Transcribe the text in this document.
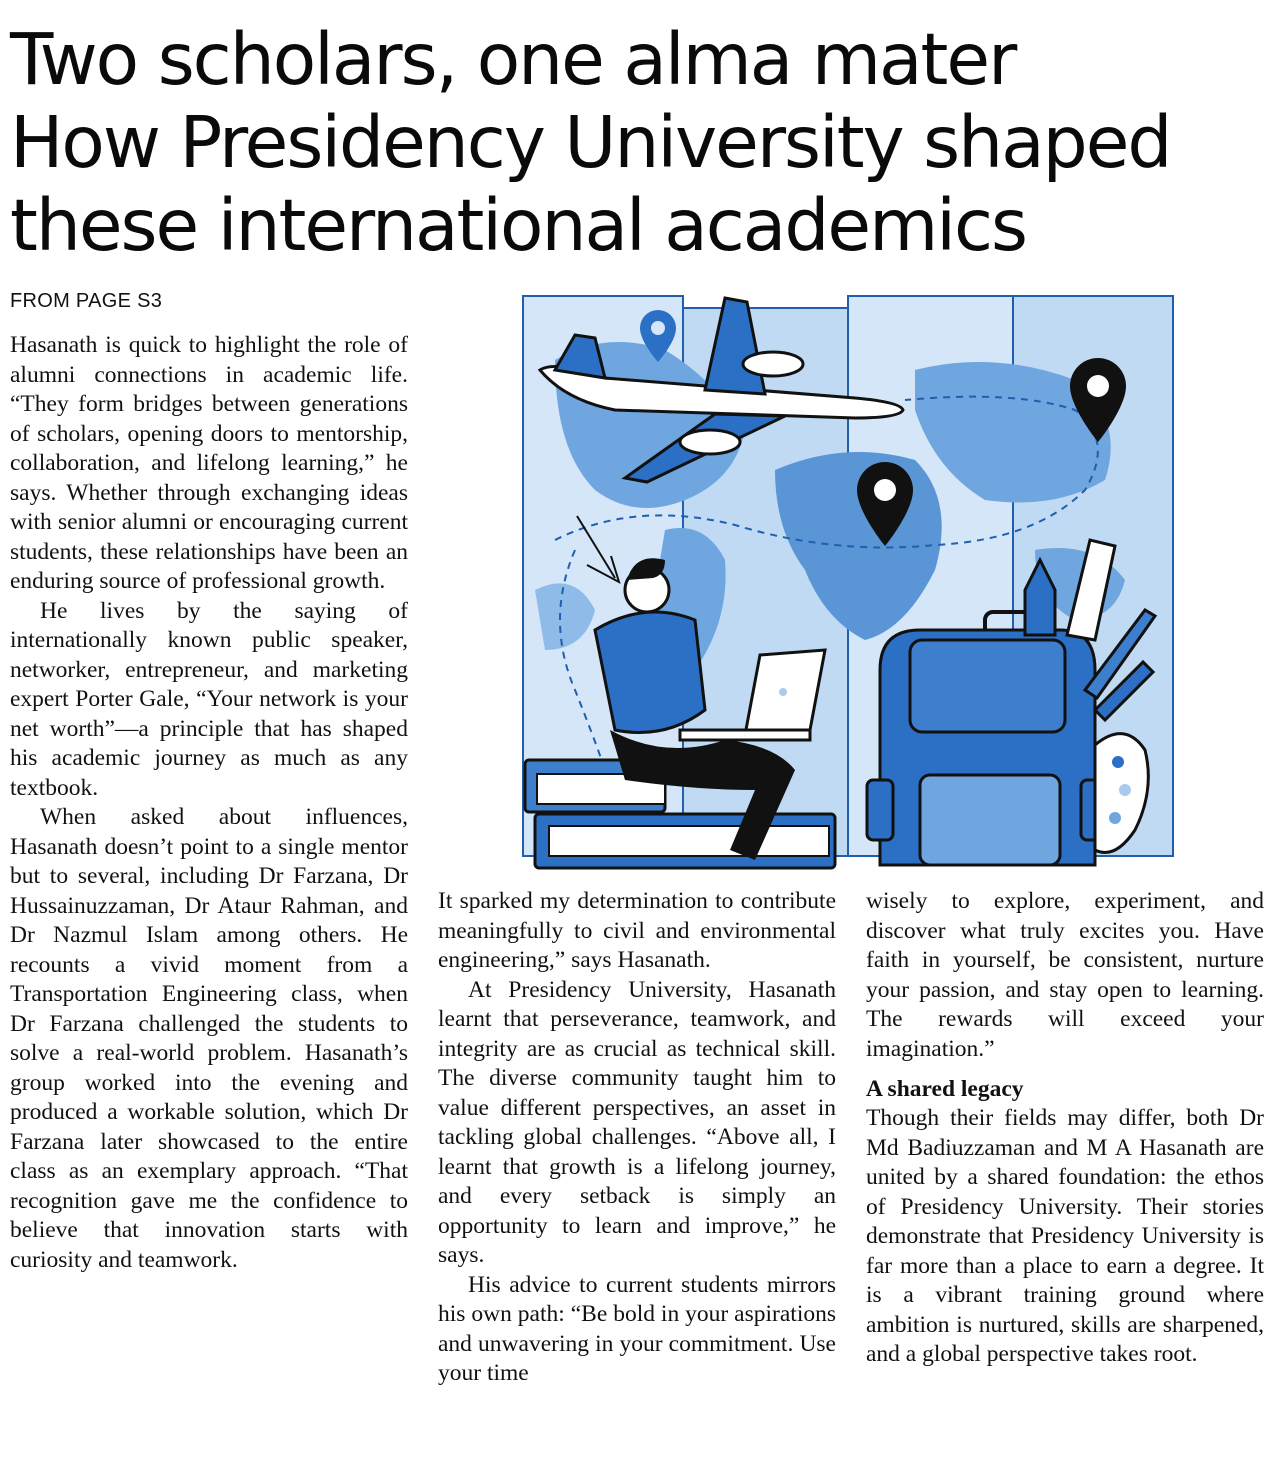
Two scholars, one alma mater
How Presidency University shaped
these international academics
FROM PAGE S3

Hasanath is quick to highlight the role of alumni connections in academic life. “They form bridges between generations of scholars, opening doors to mentorship, collaboration, and lifelong learning,” he says. Whether through exchanging ideas with senior alumni or encouraging current students, these relationships have been an enduring source of professional growth.

He lives by the saying of internationally known public speaker, networker, entrepreneur, and marketing expert Porter Gale, “Your network is your net worth”—a principle that has shaped his academic journey as much as any textbook.

When asked about influences, Hasanath doesn’t point to a single mentor but to several, including Dr Farzana, Dr Hussainuzzaman, Dr Ataur Rahman, and Dr Nazmul Islam among others. He recounts a vivid moment from a Transportation Engineering class, when Dr Farzana challenged the students to solve a real-world problem. Hasanath’s group worked into the evening and produced a workable solution, which Dr Farzana later showcased to the entire class as an exemplary approach. “That recognition gave me the confidence to believe that innovation starts with curiosity and teamwork.

It sparked my determination to contribute meaningfully to civil and environmental engineering,” says Hasanath.

At Presidency University, Hasanath learnt that perseverance, teamwork, and integrity are as crucial as technical skill. The diverse community taught him to value different perspectives, an asset in tackling global challenges. “Above all, I learnt that growth is a lifelong journey, and every setback is simply an opportunity to learn and improve,” he says.

His advice to current students mirrors his own path: “Be bold in your aspirations and unwavering in your commitment. Use your time

wisely to explore, experiment, and discover what truly excites you. Have faith in yourself, be consistent, nurture your passion, and stay open to learning. The rewards will exceed your imagination.”

A shared legacy

Though their fields may differ, both Dr Md Badiuzzaman and M A Hasanath are united by a shared foundation: the ethos of Presidency University. Their stories demonstrate that Presidency University is far more than a place to earn a degree. It is a vibrant training ground where ambition is nurtured, skills are sharpened, and a global perspective takes root.
